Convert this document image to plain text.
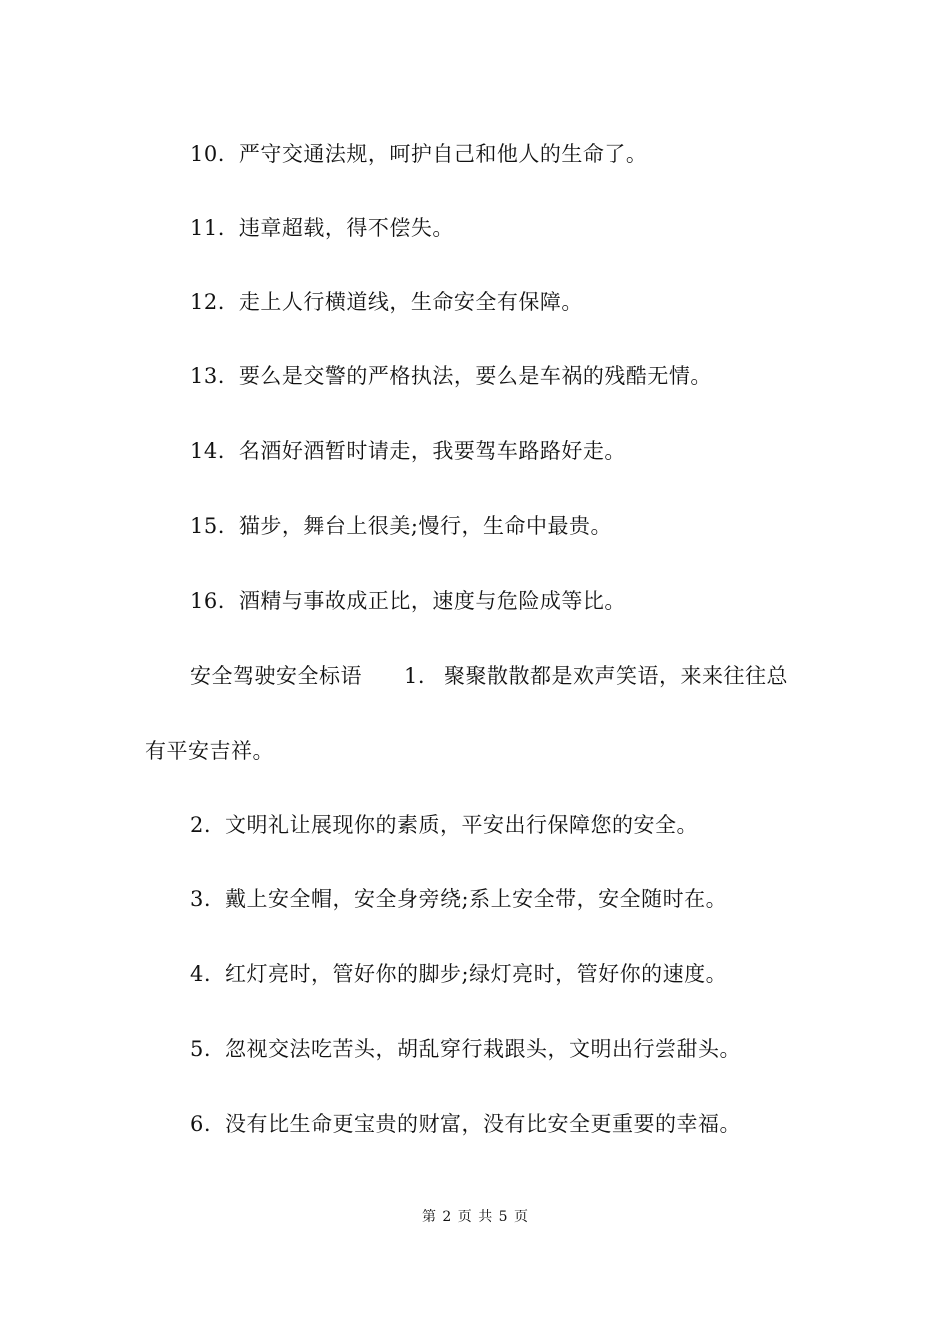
10. 严守交通法规，呵护自己和他人的生命了。
11. 违章超载，得不偿失。
12. 走上人行横道线，生命安全有保障。
13. 要么是交警的严格执法，要么是车祸的残酷无情。
14. 名酒好酒暂时请走，我要驾车路路好走。
15. 猫步，舞台上很美;慢行，生命中最贵。
16. 酒精与事故成正比，速度与危险成等比。
安全驾驶安全标语 1. 聚聚散散都是欢声笑语，来来往往总
有平安吉祥。
2. 文明礼让展现你的素质，平安出行保障您的安全。
3. 戴上安全帽，安全身旁绕;系上安全带，安全随时在。
4. 红灯亮时，管好你的脚步;绿灯亮时，管好你的速度。
5. 忽视交法吃苦头，胡乱穿行栽跟头，文明出行尝甜头。
6. 没有比生命更宝贵的财富，没有比安全更重要的幸福。
第 2 页 共 5 页
